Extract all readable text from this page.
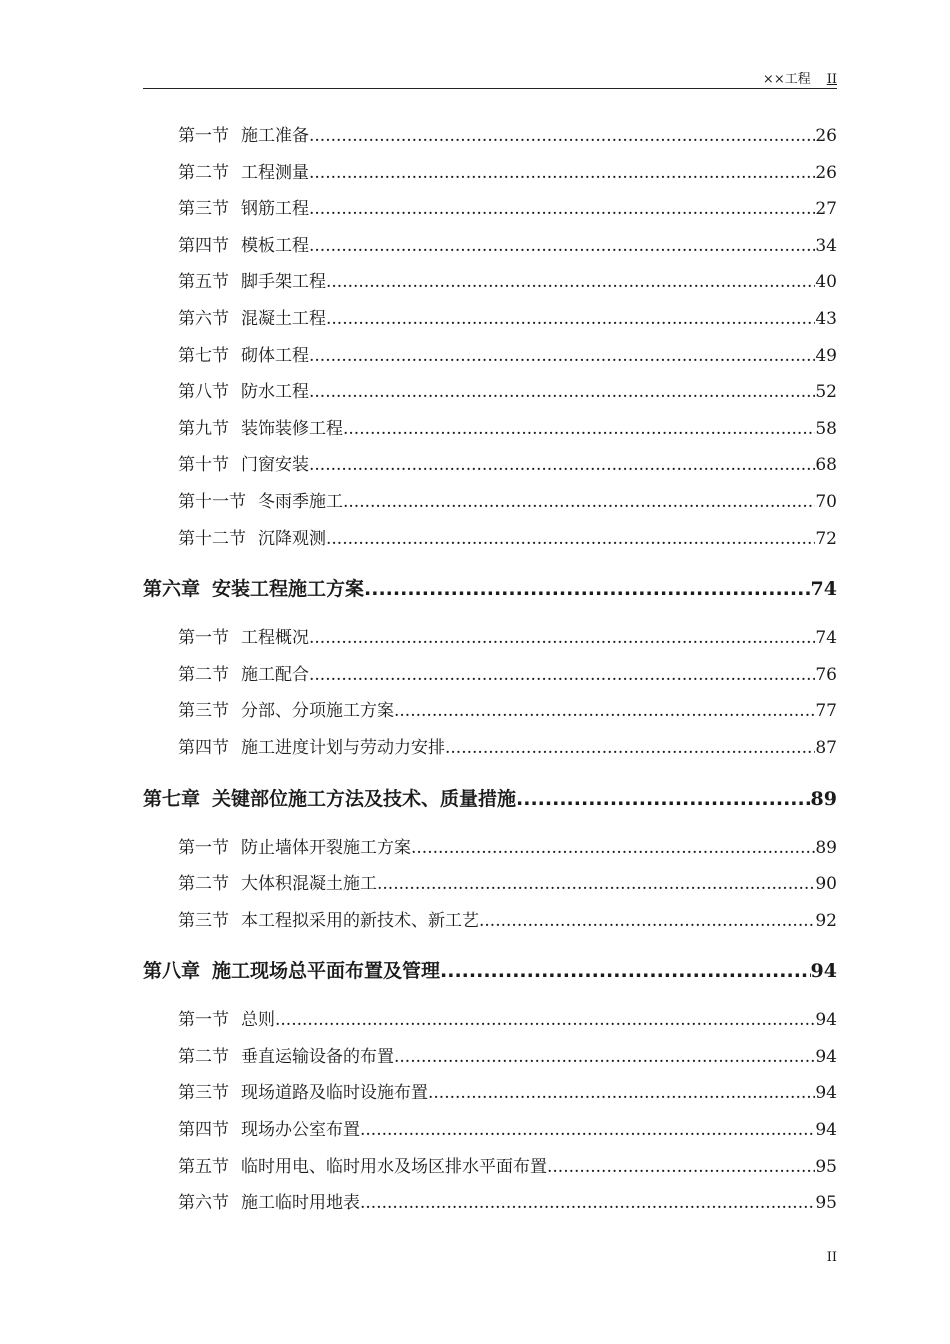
××工程 II
第一节 施工准备 .....	26
第二节 工程测量 .....	26
第三节 钢筋工程 .....	27
第四节 模板工程 .....	34
第五节 脚手架工程 .....	40
第六节 混凝土工程 .....	43
第七节 砌体工程 .....	49
第八节 防水工程 .....	52
第九节 装饰装修工程 .....	58
第十节 门窗安装 .....	68
第十一节 冬雨季施工 .....	70
第十二节 沉降观测 .....	72
第六章 安装工程施工方案 .....	74
第一节 工程概况 .....	74
第二节 施工配合 .....	76
第三节 分部、分项施工方案 .....	77
第四节 施工进度计划与劳动力安排 .....	87
第七章 关键部位施工方法及技术、质量措施 .....	89
第一节 防止墙体开裂施工方案 .....	89
第二节 大体积混凝土施工 .....	90
第三节 本工程拟采用的新技术、新工艺 .....	92
第八章 施工现场总平面布置及管理 .....	94
第一节 总则 .....	94
第二节 垂直运输设备的布置 .....	94
第三节 现场道路及临时设施布置 .....	94
第四节 现场办公室布置 .....	94
第五节 临时用电、临时用水及场区排水平面布置 .....	95
第六节 施工临时用地表 .....	95
II
